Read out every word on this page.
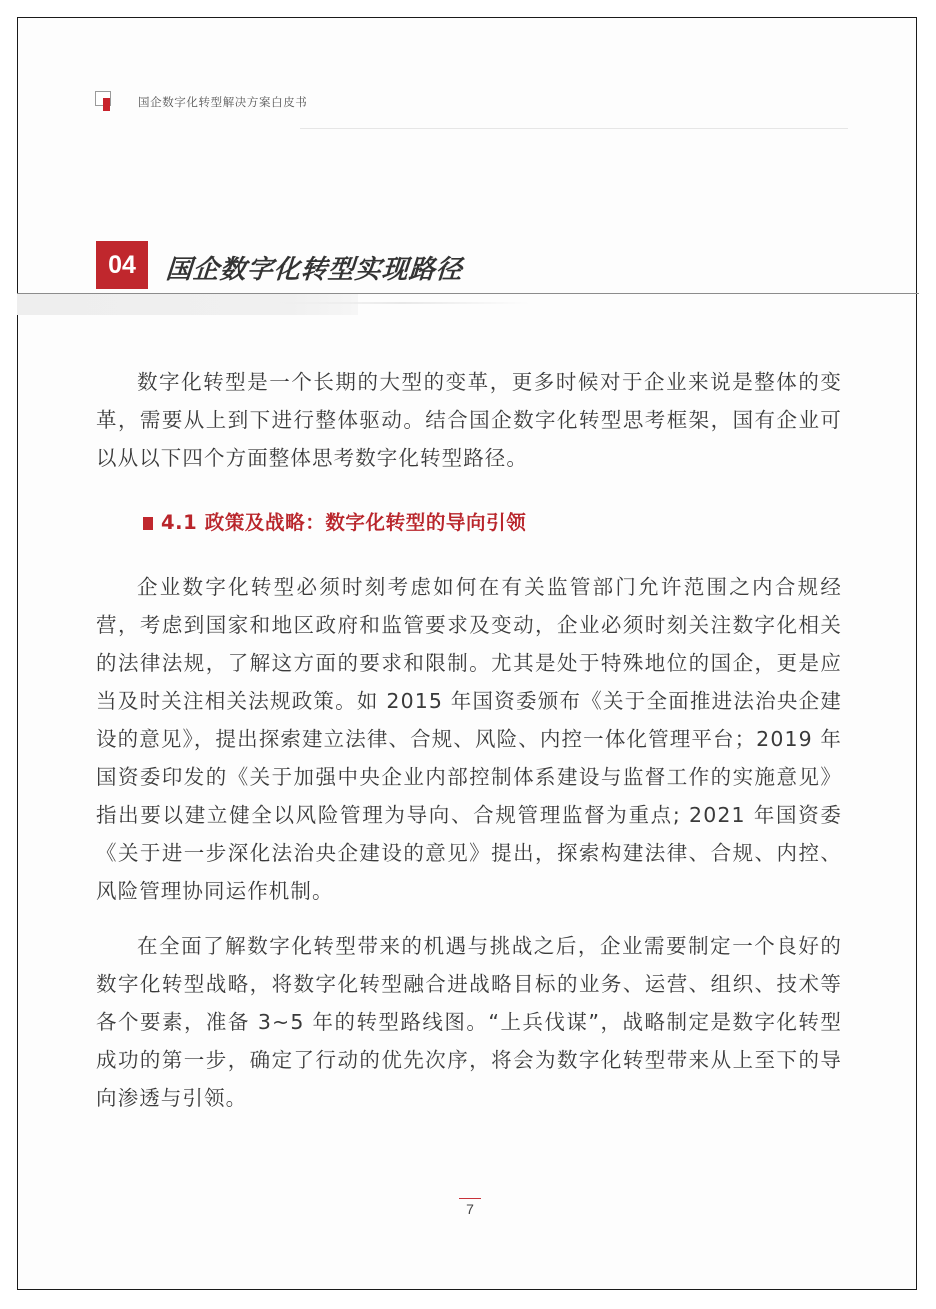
国企数字化转型解决方案白皮书
04	国企数字化转型实现路径

数字化转型是一个长期的大型的变革，更多时候对于企业来说是整体的变革，需要从上到下进行整体驱动。结合国企数字化转型思考框架，国有企业可以从以下四个方面整体思考数字化转型路径。

4.1 政策及战略：数字化转型的导向引领

企业数字化转型必须时刻考虑如何在有关监管部门允许范围之内合规经营，考虑到国家和地区政府和监管要求及变动，企业必须时刻关注数字化相关的法律法规，了解这方面的要求和限制。尤其是处于特殊地位的国企，更是应当及时关注相关法规政策。如 2015 年国资委颁布《关于全面推进法治央企建设的意见》，提出探索建立法律、合规、风险、内控一体化管理平台；2019 年国资委印发的《关于加强中央企业内部控制体系建设与监督工作的实施意见》指出要以建立健全以风险管理为导向、合规管理监督为重点; 2021 年国资委《关于进一步深化法治央企建设的意见》提出，探索构建法律、合规、内控、风险管理协同运作机制。

在全面了解数字化转型带来的机遇与挑战之后，企业需要制定一个良好的数字化转型战略，将数字化转型融合进战略目标的业务、运营、组织、技术等各个要素，准备 3~5 年的转型路线图。“上兵伐谋”，战略制定是数字化转型成功的第一步，确定了行动的优先次序，将会为数字化转型带来从上至下的导向渗透与引领。

7
